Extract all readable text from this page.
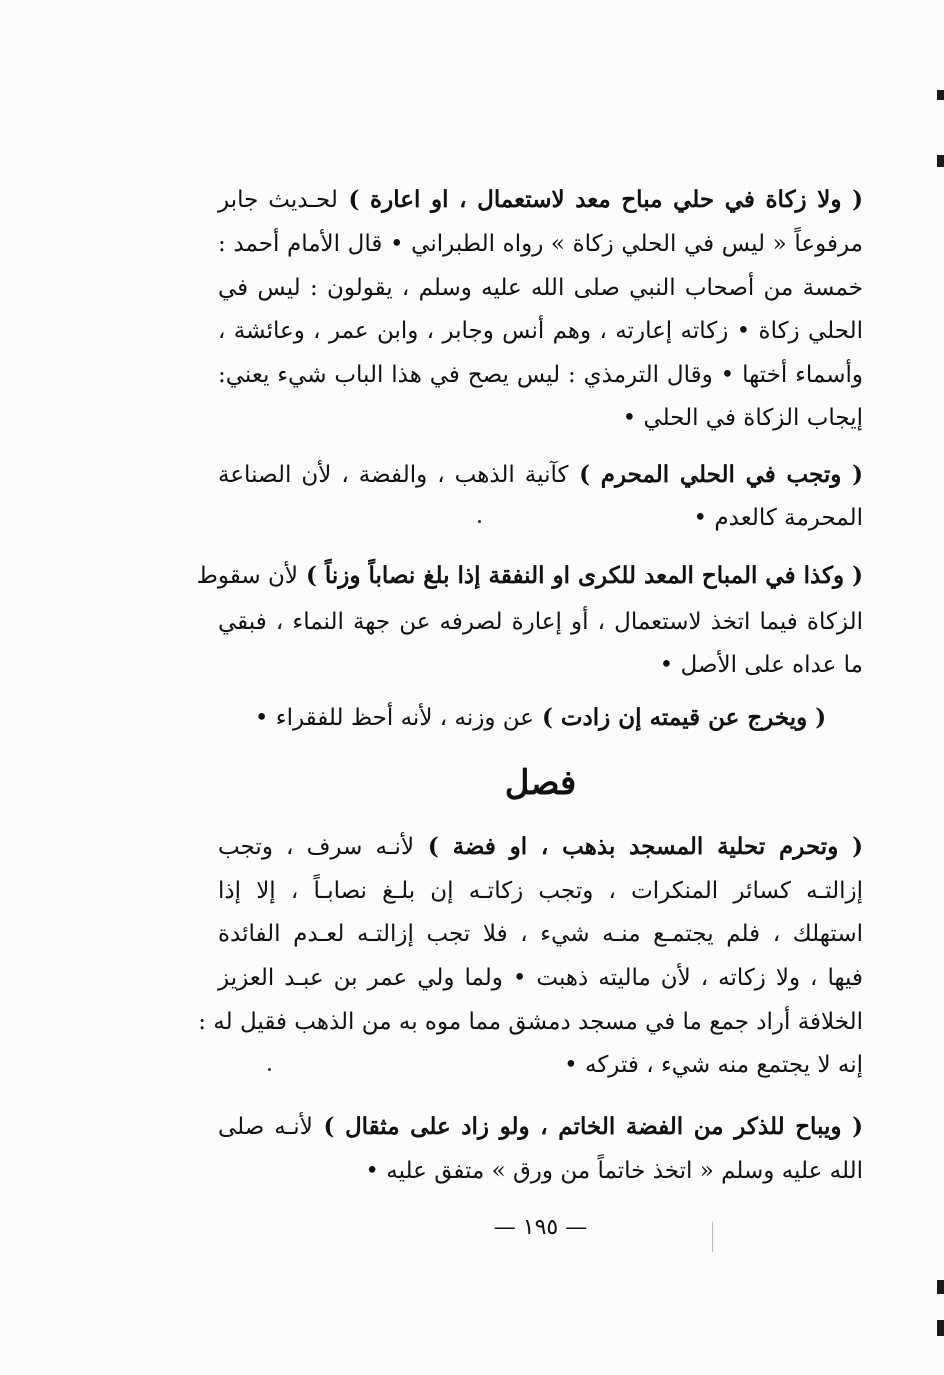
( ولا زكاة في حلي مباح معد لاستعمال ، او اعارة ) لحـديث جابر
مرفوعاً « ليس في الحلي زكاة » رواه الطبراني • قال الأمام أحمد :
خمسة من أصحاب النبي صلى الله عليه وسلم ، يقولون : ليس في
الحلي زكاة • زكاته إعارته ، وهم أنس وجابر ، وابن عمر ، وعائشة ،
وأسماء أختها • وقال الترمذي : ليس يصح في هذا الباب شيء يعني:
إيجاب الزكاة في الحلي •
( وتجب في الحلي المحرم ) كآنية الذهب ، والفضة ، لأن الصناعة
المحرمة كالعدم •
( وكذا في المباح المعد للكرى او النفقة إذا بلغ نصاباً وزناً ) لأن سقوط
الزكاة فيما اتخذ لاستعمال ، أو إعارة لصرفه عن جهة النماء ، فبقي
ما عداه على الأصل •
( ويخرج عن قيمته إن زادت ) عن وزنه ، لأنه أحظ للفقراء •
( وتحرم تحلية المسجد بذهب ، او فضة ) لأنـه سرف ، وتجب
إزالتـه كسائر المنكرات ، وتجب زكاتـه إن بلـغ نصابـاً ، إلا إذا
استهلك ، فلم يجتمـع منـه شيء ، فلا تجب إزالتـه لعـدم الفائدة
فيها ، ولا زكاته ، لأن ماليته ذهبت • ولما ولي عمر بن عبـد العزيز
الخلافة أراد جمع ما في مسجد دمشق مما موه به من الذهب فقيل له :
إنه لا يجتمع منه شيء ، فتركه •
( ويباح للذكر من الفضة الخاتم ، ولو زاد على مثقال ) لأنـه صلى
الله عليه وسلم « اتخذ خاتماً من ورق » متفق عليه •
فصل
— ١٩٥ —
